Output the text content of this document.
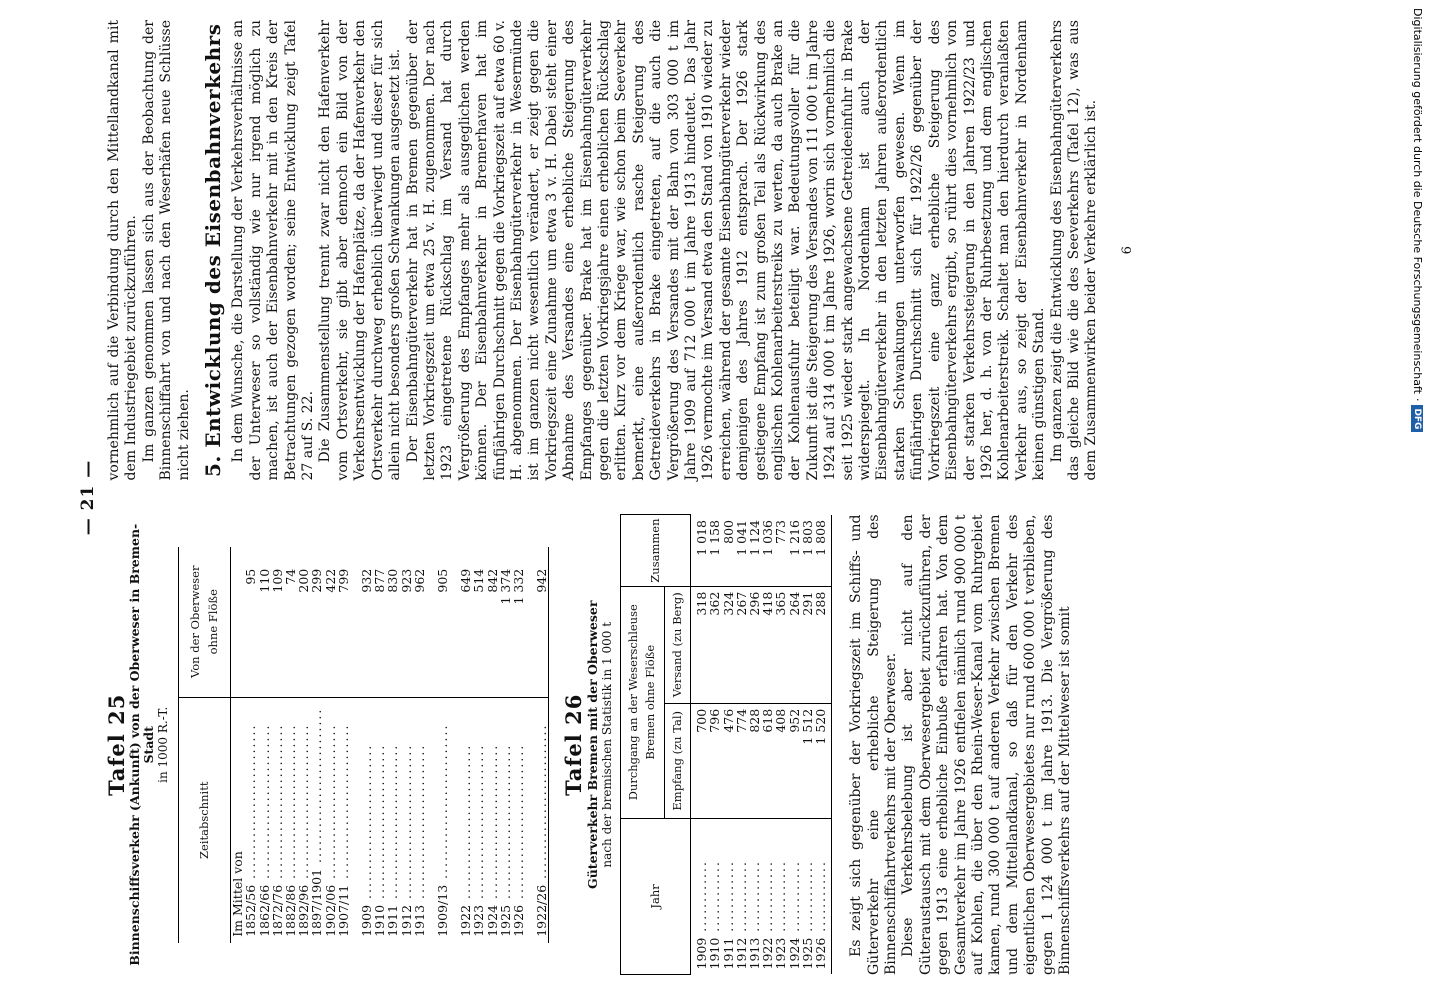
— 21 —
Tafel 25
Binnenschiffsverkehr (Ankunft) von der Oberweser in Bremen-Stadt in 1000 R.-T.
Zeitabschnitt	Von der Oberweser ohne Flöße
Im Mittel von	
1852/56 ..........................	95
1862/66 ..........................	110
1872/76 ..........................	109
1882/86 ..........................	74
1892/96 ..........................	200
1897/1901 ..........................	299
1902/06 ..........................	422
1907/11 ..........................	799

1909 ..........................	932
1910 ..........................	877
1911 ..........................	830
1912 ..........................	923
1913 ..........................	962

1909/13 ..........................	905

1922 ..........................	649
1923 ..........................	514
1924 ..........................	842
1925 ..........................	1 374
1926 ..........................	1 332

1922/26 ..........................	942
Tafel 26
Güterverkehr Bremen mit der Oberweser nach der bremischen Statistik in 1 000 t
Jahr	Durchgang an der Weserschleuse Bremen ohne Flöße		Zusammen
	Empfang (zu Tal)	Versand (zu Berg)	
1909 ............	700	318	1 018
1910 ............	796	362	1 158
1911 ............	476	324	800
1912 ............	774	267	1 041
1913 ............	828	296	1 124
1922 ............	618	418	1 036
1923 ............	408	365	773
1924 ............	952	264	1 216
1925 ............	1 512	291	1 803
1926 ............	1 520	288	1 808 Es zeigt sich gegenüber der Vorkriegszeit im Schiffs- und Güterverkehr eine erhebliche Steigerung des Binnenschiffahrtverkehrs mit der Oberweser. Diese Verkehrsbelebung ist aber nicht auf den Güteraustausch mit dem Oberwesergebiet zurückzuführen, der gegen 1913 eine erhebliche Einbuße erfahren hat. Von dem Gesamtverkehr im Jahre 1926 entfielen nämlich rund 900 000 t auf Kohlen, die über den Rhein-Weser-Kanal vom Ruhrgebiet kamen, rund 300 000 t auf anderen Verkehr zwischen Bremen und dem Mittellandkanal, so daß für den Verkehr des eigentlichen Oberwesergebietes nur rund 600 000 t verblieben, gegen 1 124 000 t im Jahre 1913. Die Vergrößerung des Binnenschiffsverkehrs auf der Mittelweser ist somit

vornehmlich auf die Verbindung durch den Mittellandkanal mit dem Industriegebiet zurückzuführen. Im ganzen genommen lassen sich aus der Beobachtung der Binnenschiffahrt von und nach den Weserhäfen neue Schlüsse nicht ziehen. 5. Entwicklung des Eisenbahnverkehrs In dem Wunsche, die Darstellung der Verkehrsverhältnisse an der Unterweser so vollständig wie nur irgend möglich zu machen, ist auch der Eisenbahnverkehr mit in den Kreis der Betrachtungen gezogen worden; seine Entwicklung zeigt Tafel 27 auf S. 22. Die Zusammenstellung trennt zwar nicht den Hafenverkehr vom Ortsverkehr, sie gibt aber dennoch ein Bild von der Verkehrsentwicklung der Hafenplätze, da der Hafenverkehr den Ortsverkehr durchweg erheblich überwiegt und dieser für sich allein nicht besonders großen Schwankungen ausgesetzt ist. Der Eisenbahngüterverkehr hat in Bremen gegenüber der letzten Vorkriegszeit um etwa 25 v. H. zugenommen. Der nach 1923 eingetretene Rückschlag im Versand hat durch Vergrößerung des Empfanges mehr als ausgeglichen werden können. Der Eisenbahnverkehr in Bremerhaven hat im fünfjährigen Durchschnitt gegen die Vorkriegszeit auf etwa 60 v. H. abgenommen. Der Eisenbahngüterverkehr in Wesermünde ist im ganzen nicht wesentlich verändert, er zeigt gegen die Vorkriegszeit eine Zunahme um etwa 3 v. H. Dabei steht einer Abnahme des Versandes eine erhebliche Steigerung des Empfanges gegenüber. Brake hat im Eisenbahngüterverkehr gegen die letzten Vorkriegsjahre einen erheblichen Rückschlag erlitten. Kurz vor dem Kriege war, wie schon beim Seeverkehr bemerkt, eine außerordentlich rasche Steigerung des Getreideverkehrs in Brake eingetreten, auf die auch die Vergrößerung des Versandes mit der Bahn von 303 000 t im Jahre 1909 auf 712 000 t im Jahre 1913 hindeutet. Das Jahr 1926 vermochte im Versand etwa den Stand von 1910 wieder zu erreichen, während der gesamte Eisenbahngüterverkehr wieder demjenigen des Jahres 1912 entsprach. Der 1926 stark gestiegene Empfang ist zum großen Teil als Rückwirkung des englischen Kohlenarbeiterstreiks zu werten, da auch Brake an der Kohlenausfuhr beteiligt war. Bedeutungsvoller für die Zukunft ist die Steigerung des Versandes von 111 000 t im Jahre 1924 auf 314 000 t im Jahre 1926, worin sich vornehmlich die seit 1925 wieder stark angewachsene Getreideeinfuhr in Brake widerspiegelt. In Nordenham ist auch der Eisenbahngüterverkehr in den letzten Jahren außerordentlich starken Schwankungen unterworfen gewesen. Wenn im fünfjährigen Durchschnitt sich für 1922/26 gegenüber der Vorkriegszeit eine ganz erhebliche Steigerung des Eisenbahngüterverkehrs ergibt, so rührt dies vornehmlich von der starken Verkehrssteigerung in den Jahren 1922/23 und 1926 her, d. h. von der Ruhrbesetzung und dem englischen Kohlenarbeiterstreik. Schaltet man den hierdurch veranlaßten Verkehr aus, so zeigt der Eisenbahnverkehr in Nordenham keinen günstigen Stand. Im ganzen zeigt die Entwicklung des Eisenbahngüterverkehrs das gleiche Bild wie die des Seeverkehrs (Tafel 12), was aus dem Zusammenwirken beider Verkehre erklärlich ist. 6	Digitalisierung gefördert durch die Deutsche Forschungsgemeinschaft
·
DFG
